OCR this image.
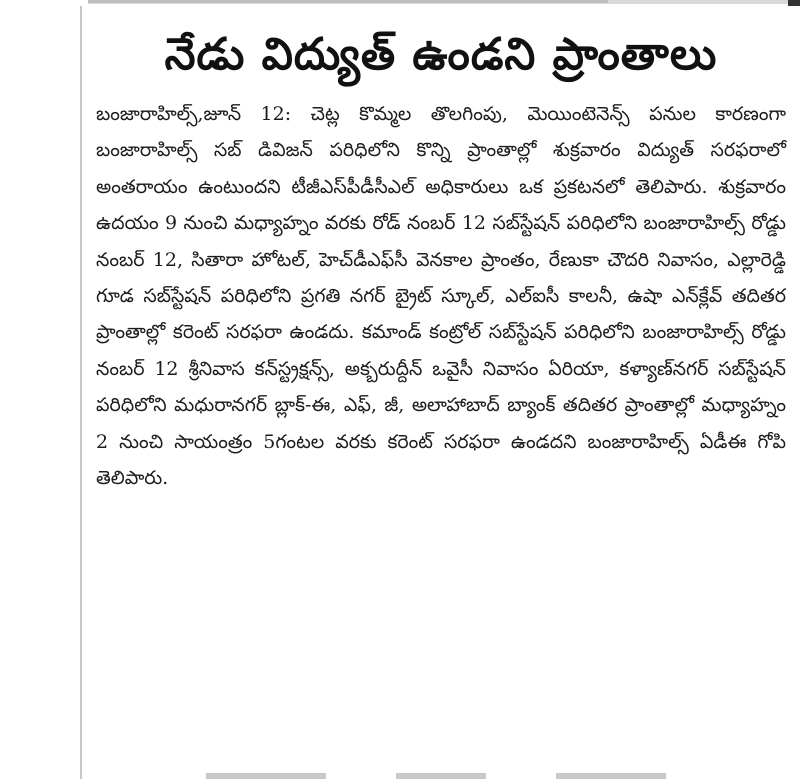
నేడు విద్యుత్ ఉండని ప్రాంతాలు

బంజారాహిల్స్,జూన్ 12: చెట్ల కొమ్మల తొలగింపు, మెయింటెనెన్స్ పనుల కారణంగా బంజారాహిల్స్ సబ్ డివిజన్ పరిధిలోని కొన్ని ప్రాంతాల్లో శుక్రవారం విద్యుత్ సరఫరాలో అంతరాయం ఉంటుందని టీజీఎస్‌పీడీసీఎల్ అధికారులు ఒక ప్రకటనలో తెలిపారు. శుక్రవారం ఉదయం 9 నుంచి మధ్యాహ్నం వరకు రోడ్ నంబర్ 12 సబ్‌స్టేషన్ పరిధిలోని బంజారాహిల్స్ రోడ్డు నంబర్ 12, సితారా హోటల్, హెచ్‌డీఎఫ్‌సీ వెనకాల ప్రాంతం, రేణుకా చౌదరి నివాసం, ఎల్లారెడ్డి గూడ సబ్‌స్టేషన్ పరిధిలోని ప్రగతి నగర్ బ్రైట్ స్కూల్, ఎల్‌ఐసీ కాలనీ, ఉషా ఎన్‌క్లేవ్ తదితర ప్రాంతాల్లో కరెంట్ సరఫరా ఉండదు. కమాండ్ కంట్రోల్ సబ్‌స్టేషన్ పరిధిలోని బంజారాహిల్స్ రోడ్డు నంబర్ 12 శ్రీనివాస కన్‌స్ట్రక్షన్స్, అక్బరుద్దీన్ ఒవైసీ నివాసం ఏరియా, కళ్యాణ్‌నగర్ సబ్‌స్టేషన్ పరిధిలోని మధురానగర్ బ్లాక్-ఈ, ఎఫ్, జీ, అలాహాబాద్ బ్యాంక్ తదితర ప్రాంతాల్లో మధ్యాహ్నం 2 నుంచి సాయంత్రం 5గంటల వరకు కరెంట్ సరఫరా ఉండదని బంజారాహిల్స్ ఏడీఈ గోపి తెలిపారు.
